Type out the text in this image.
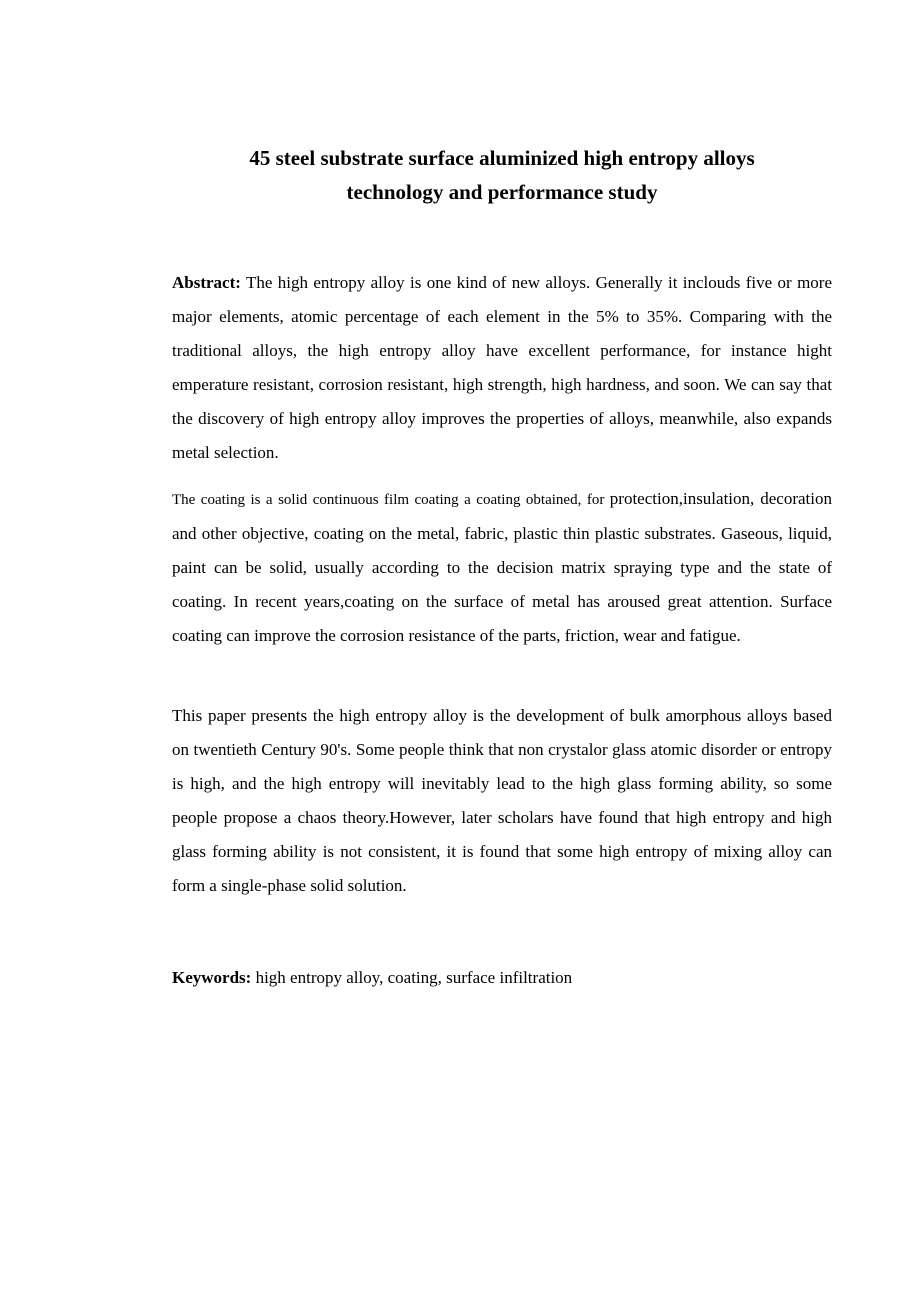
45 steel substrate surface aluminized high entropy alloys
technology and performance study

Abstract: The high entropy alloy is one kind of new alloys. Generally it inclouds five or more major elements, atomic percentage of each element in the 5% to 35%. Comparing with the traditional alloys, the high entropy alloy have excellent performance, for instance hight emperature resistant, corrosion resistant, high strength, high hardness, and soon. We can say that the discovery of high entropy alloy improves the properties of alloys, meanwhile, also expands metal selection.

The coating is a solid continuous film coating a coating obtained, for protection,insulation, decoration and other objective, coating on the metal, fabric, plastic thin plastic substrates. Gaseous, liquid, paint can be solid, usually according to the decision matrix spraying type and the state of coating. In recent years,coating on the surface of metal has aroused great attention. Surface coating can improve the corrosion resistance of the parts, friction, wear and fatigue.

This paper presents the high entropy alloy is the development of bulk amorphous alloys based on twentieth Century 90's. Some people think that non crystalor glass atomic disorder or entropy is high, and the high entropy will inevitably lead to the high glass forming ability, so some people propose a chaos theory.However, later scholars have found that high entropy and high glass forming ability is not consistent, it is found that some high entropy of mixing alloy can form a single-phase solid solution.

Keywords: high entropy alloy, coating, surface infiltration
